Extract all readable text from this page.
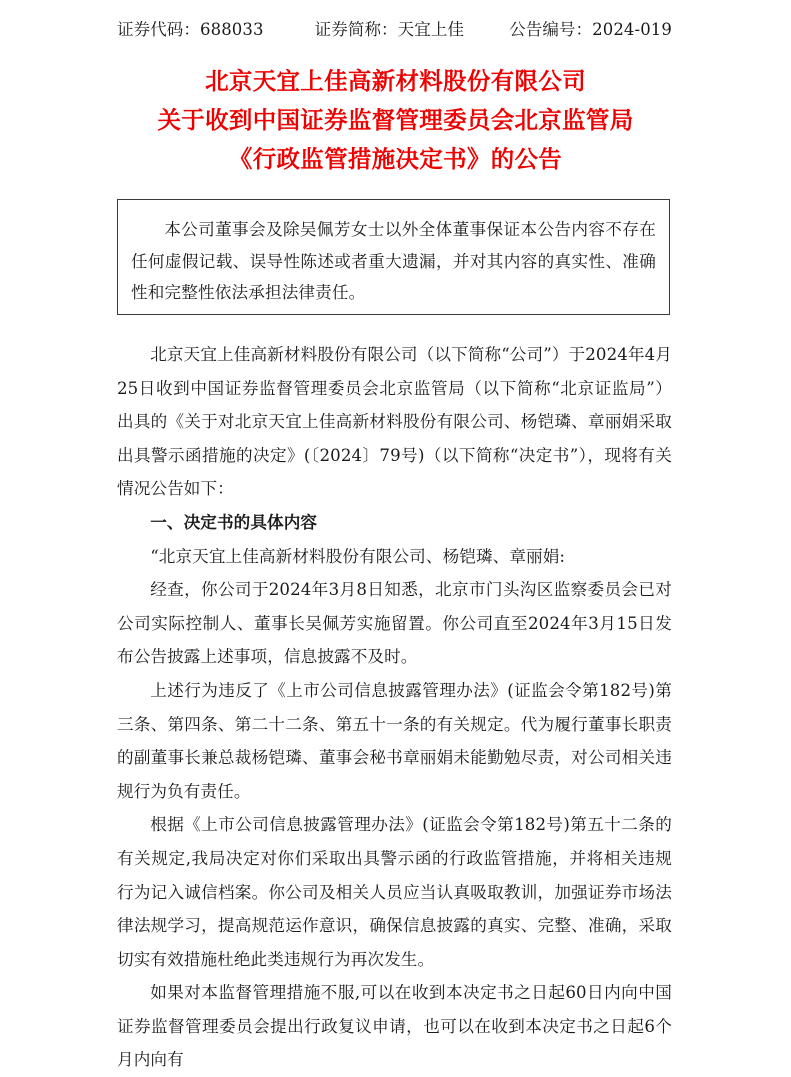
证券代码：688033	证券简称：天宜上佳	公告编号：2024-019
北京天宜上佳高新材料股份有限公司
关于收到中国证券监督管理委员会北京监管局
《行政监管措施决定书》的公告

本公司董事会及除吴佩芳女士以外全体董事保证本公告内容不存在任何虚假记载、误导性陈述或者重大遗漏，并对其内容的真实性、准确性和完整性依法承担法律责任。

北京天宜上佳高新材料股份有限公司（以下简称“公司”）于2024年4月25日收到中国证券监督管理委员会北京监管局（以下简称“北京证监局”）出具的《关于对北京天宜上佳高新材料股份有限公司、杨铠璘、章丽娟采取出具警示函措施的决定》(〔2024〕79号)（以下简称“决定书”），现将有关情况公告如下：

一、决定书的具体内容

“北京天宜上佳高新材料股份有限公司、杨铠璘、章丽娟:

经查，你公司于2024年3月8日知悉，北京市门头沟区监察委员会已对公司实际控制人、董事长吴佩芳实施留置。你公司直至2024年3月15日发布公告披露上述事项，信息披露不及时。

上述行为违反了《上市公司信息披露管理办法》(证监会令第182号)第三条、第四条、第二十二条、第五十一条的有关规定。代为履行董事长职责的副董事长兼总裁杨铠璘、董事会秘书章丽娟未能勤勉尽责，对公司相关违规行为负有责任。

根据《上市公司信息披露管理办法》(证监会令第182号)第五十二条的有关规定,我局决定对你们采取出具警示函的行政监管措施，并将相关违规行为记入诚信档案。你公司及相关人员应当认真吸取教训，加强证券市场法律法规学习，提高规范运作意识，确保信息披露的真实、完整、准确，采取切实有效措施杜绝此类违规行为再次发生。

如果对本监督管理措施不服,可以在收到本决定书之日起60日内向中国证券监督管理委员会提出行政复议申请，也可以在收到本决定书之日起6个月内向有
